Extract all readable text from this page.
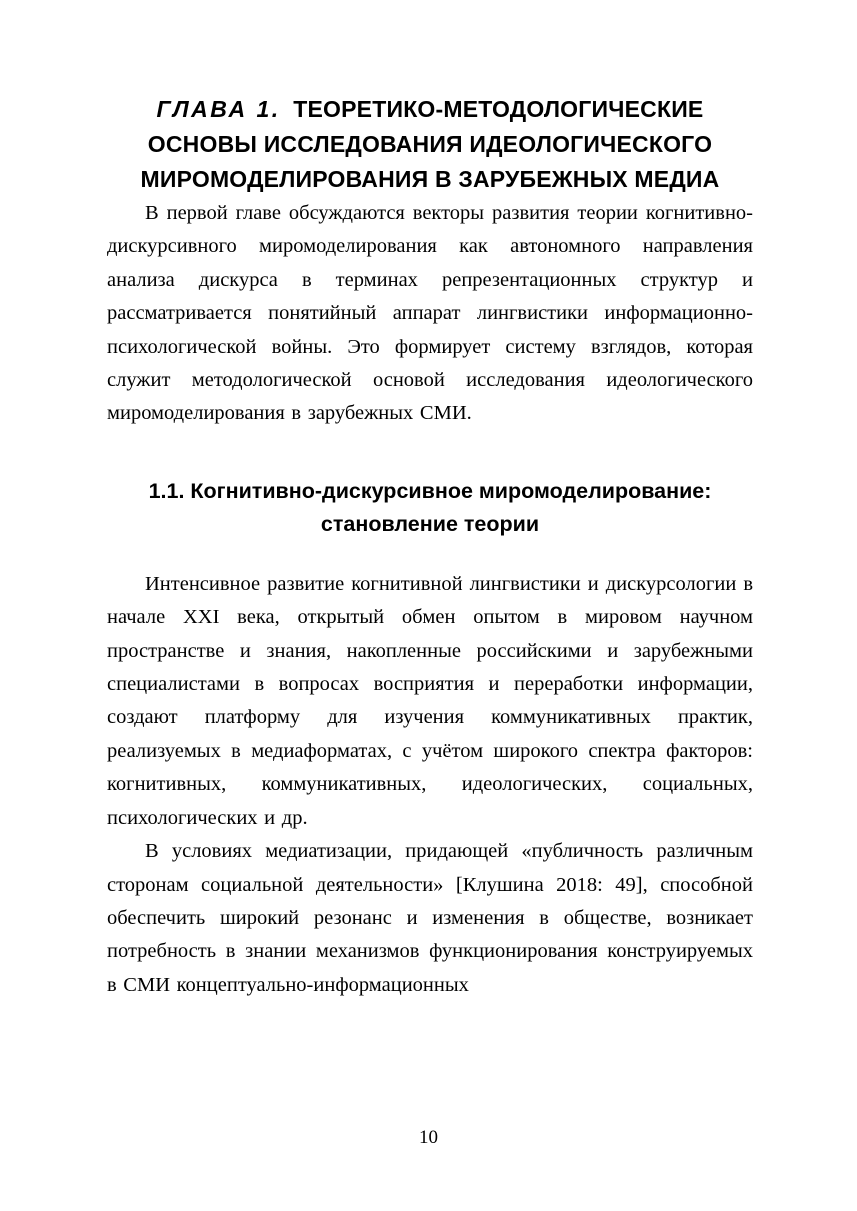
ГЛАВА 1. ТЕОРЕТИКО-МЕТОДОЛОГИЧЕСКИЕ ОСНОВЫ ИССЛЕДОВАНИЯ ИДЕОЛОГИЧЕСКОГО МИРОМОДЕЛИРОВАНИЯ В ЗАРУБЕЖНЫХ МЕДИА

В первой главе обсуждаются векторы развития теории когнитивно-дискурсивного миромоделирования как автономного направления анализа дискурса в терминах репрезентационных структур и рассматривается понятийный аппарат лингвистики информационно-психологической войны. Это формирует систему взглядов, которая служит методологической основой исследования идеологического миромоделирования в зарубежных СМИ.

1.1. Когнитивно-дискурсивное миромоделирование: становление теории

Интенсивное развитие когнитивной лингвистики и дискурсологии в начале XXI века, открытый обмен опытом в мировом научном пространстве и знания, накопленные российскими и зарубежными специалистами в вопросах восприятия и переработки информации, создают платформу для изучения коммуникативных практик, реализуемых в медиаформатах, с учётом широкого спектра факторов: когнитивных, коммуникативных, идеологических, социальных, психологических и др.

В условиях медиатизации, придающей «публичность различным сторонам социальной деятельности» [Клушина 2018: 49], способной обеспечить широкий резонанс и изменения в обществе, возникает потребность в знании механизмов функционирования конструируемых в СМИ концептуально-информационных

10
